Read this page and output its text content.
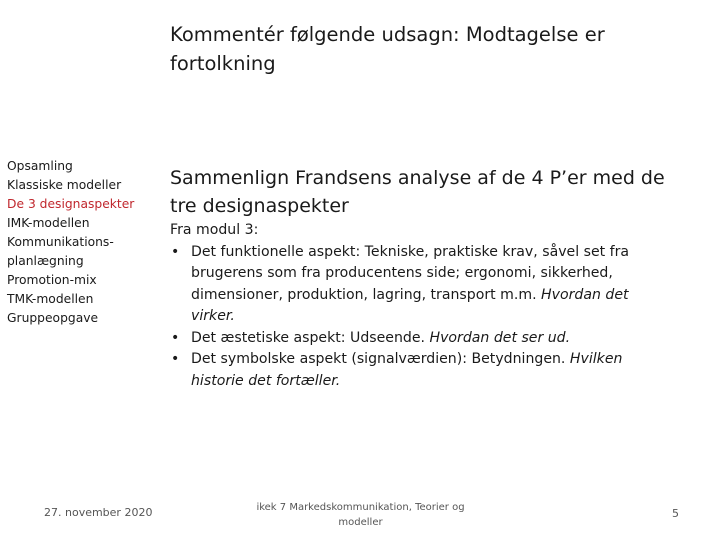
Kommentér følgende udsagn: Modtagelse er fortolkning
Opsamling
Klassiske modeller
De 3 designaspekter
IMK-modellen
Kommunikations-
planlægning
Promotion-mix
TMK-modellen
Gruppeopgave
Sammenlign Frandsens analyse af de 4 P’er med de tre designaspekter
Fra modul 3:
• Det funktionelle aspekt: Tekniske, praktiske krav, såvel set fra brugerens som fra producentens side; ergonomi, sikkerhed, dimensioner, produktion, lagring, transport m.m. Hvordan det virker.
• Det æstetiske aspekt: Udseende. Hvordan det ser ud.
• Det symbolske aspekt (signalværdien): Betydningen. Hvilken historie det fortæller.
27. november 2020	ikek 7 Markedskommunikation, Teorier og modeller
5
